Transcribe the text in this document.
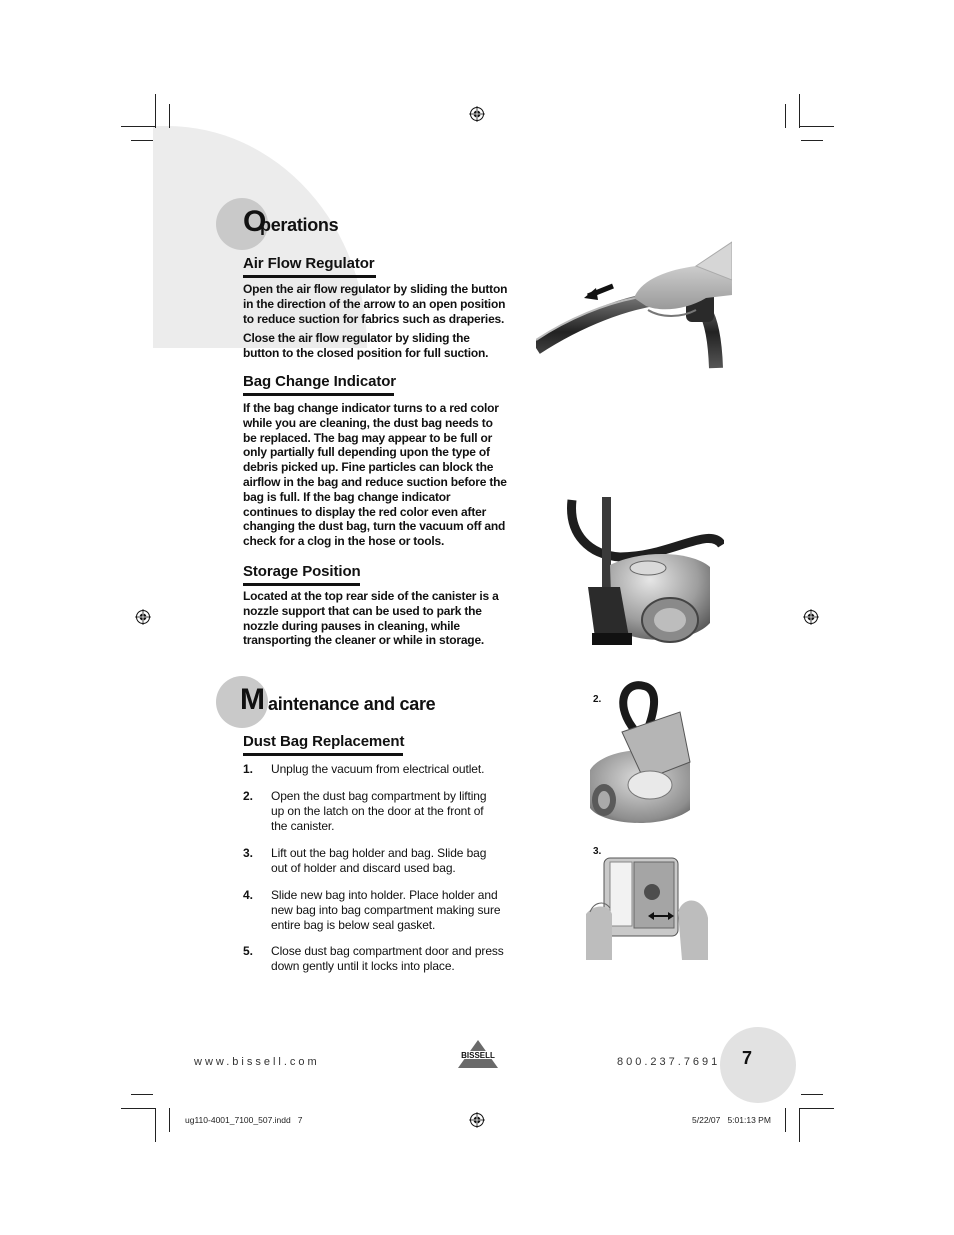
O
perations
Air Flow Regulator
Open the air flow regulator by sliding the button in the direction of the arrow to an open position to reduce suction for fabrics such as draperies.
Close the air flow regulator by sliding the button to the closed position for full suction.
Bag Change Indicator
If the bag change indicator turns to a red color while you are cleaning, the dust bag needs to be replaced. The bag may appear to be full or only partially full depending upon the type of debris picked up. Fine particles can block the airflow in the bag and reduce suction before the bag is full. If the bag change indicator continues to display the red color even after changing the dust bag, turn the vacuum off and check for a clog in the hose or tools.
Storage Position
Located at the top rear side of the canister is a nozzle support that can be used to park the nozzle during pauses in cleaning, while transporting the cleaner or while in storage.
M aintenance and care
Dust Bag Replacement
1. Unplug the vacuum from electrical outlet.
2. Open the dust bag compartment by lifting up on the latch on the door at the front of the canister.
3. Lift out the bag holder and bag. Slide bag out of holder and discard used bag.
4. Slide new bag into holder. Place holder and new bag into bag compartment making sure entire bag is below seal gasket.
5. Close dust bag compartment door and press down gently until it locks into place.
2.
3.
www.bissell.com
BISSELL
800.237.7691 7
ug110-4001_7100_507.indd   7	5/22/07   5:01:13 PM
